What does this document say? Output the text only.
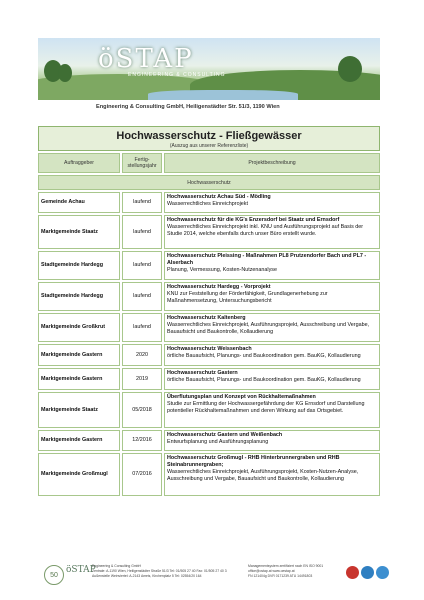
öSTAP
ENGINEERING & CONSULTING
Engineering & Consulting GmbH, Heiligenstädter Str. 51/3, 1190 Wien
Hochwasserschutz - Fließgewässer
(Auszug aus unserer Referenzliste)
Auftraggeber	Fertig-stellungsjahr	Projektbeschreibung
Hochwasserschutz
Gemeinde Achau	laufend
Hochwasserschutz Achau Süd - Mödling
Wasserrechtliches Einreichprojekt
Marktgemeinde Staatz	laufend
Hochwasserschutz für die KG's Enzersdorf bei Staatz und Ernsdorf
Wasserrechtliches Einreichprojekt inkl. KNU und Ausführungsprojekt auf Basis der Studie 2014, welche ebenfalls durch unser Büro erstellt wurde.
Stadtgemeinde Hardegg	laufend
Hochwasserschutz Pleissing - Maßnahmen PL8 Prutzendorfer Bach und PL7 - Alserbach
Planung, Vermessung, Kosten-Nutzenanalyse
Stadtgemeinde Hardegg	laufend
Hochwasserschutz Hardegg - Vorprojekt
KNU zur Feststellung der Förderfähigkeit, Grundlagenerhebung zur Maßnahmensetzung, Untersuchungsbericht
Marktgemeinde Großkrut	laufend
Hochwasserschutz Kaltenberg
Wasserrechtliches Einreichprojekt, Ausführungsprojekt, Ausschreibung und Vergabe, Bauaufsicht und Baukontrolle, Kollaudierung
Marktgemeinde Gastern	2020
Hochwasserschutz Weissenbach
örtliche Bauaufsicht, Planungs- und Baukoordination gem. BauKG, Kollaudierung
Marktgemeinde Gastern	2019
Hochwasserschutz Gastern
örtliche Bauaufsicht, Planungs- und Baukoordination gem. BauKG, Kollaudierung
Marktgemeinde Staatz	05/2018
Überflutungsplan und Konzept von Rückhaltemaßnahmen
Studie zur Ermittlung der Hochwassergefährdung der KG Ernsdorf und Darstellung potentieller Rückhaltemaßnahmen und deren Wirkung auf das Ortsgebiet.
Marktgemeinde Gastern	12/2016
Hochwasserschutz Gastern und Weißenbach
Entwurfsplanung und Ausführungsplanung
Marktgemeinde Großmugl	07/2016
Hochwasserschutz Großmugl - RHB Hinterbrunnergraben und RHB Steinabrunnergraben;
Wasserrechtliches Einreichprojekt, Ausführungsprojekt, Kosten-Nutzen-Analyse, Ausschreibung und Vergabe, Bauaufsicht und Baukontrolle, Kollaudierung
50 öSTAP
Engineering & Consulting GmbH
Zentrale: A-1190 Wien, Heiligenstädter Straße 51/3 Tel: 01/505 27 40 Fax: 01/505 27 40 3
Außenstelle Weinviertel: A-2143 Ameis, Kirchenplatz 5 Tel: 02554/20 164
Managementsystem zertifiziert nach EN ISO 9001
office@ostap.at www.oestap.at
FN 121404g DVR 0171239 ATU 14491803
